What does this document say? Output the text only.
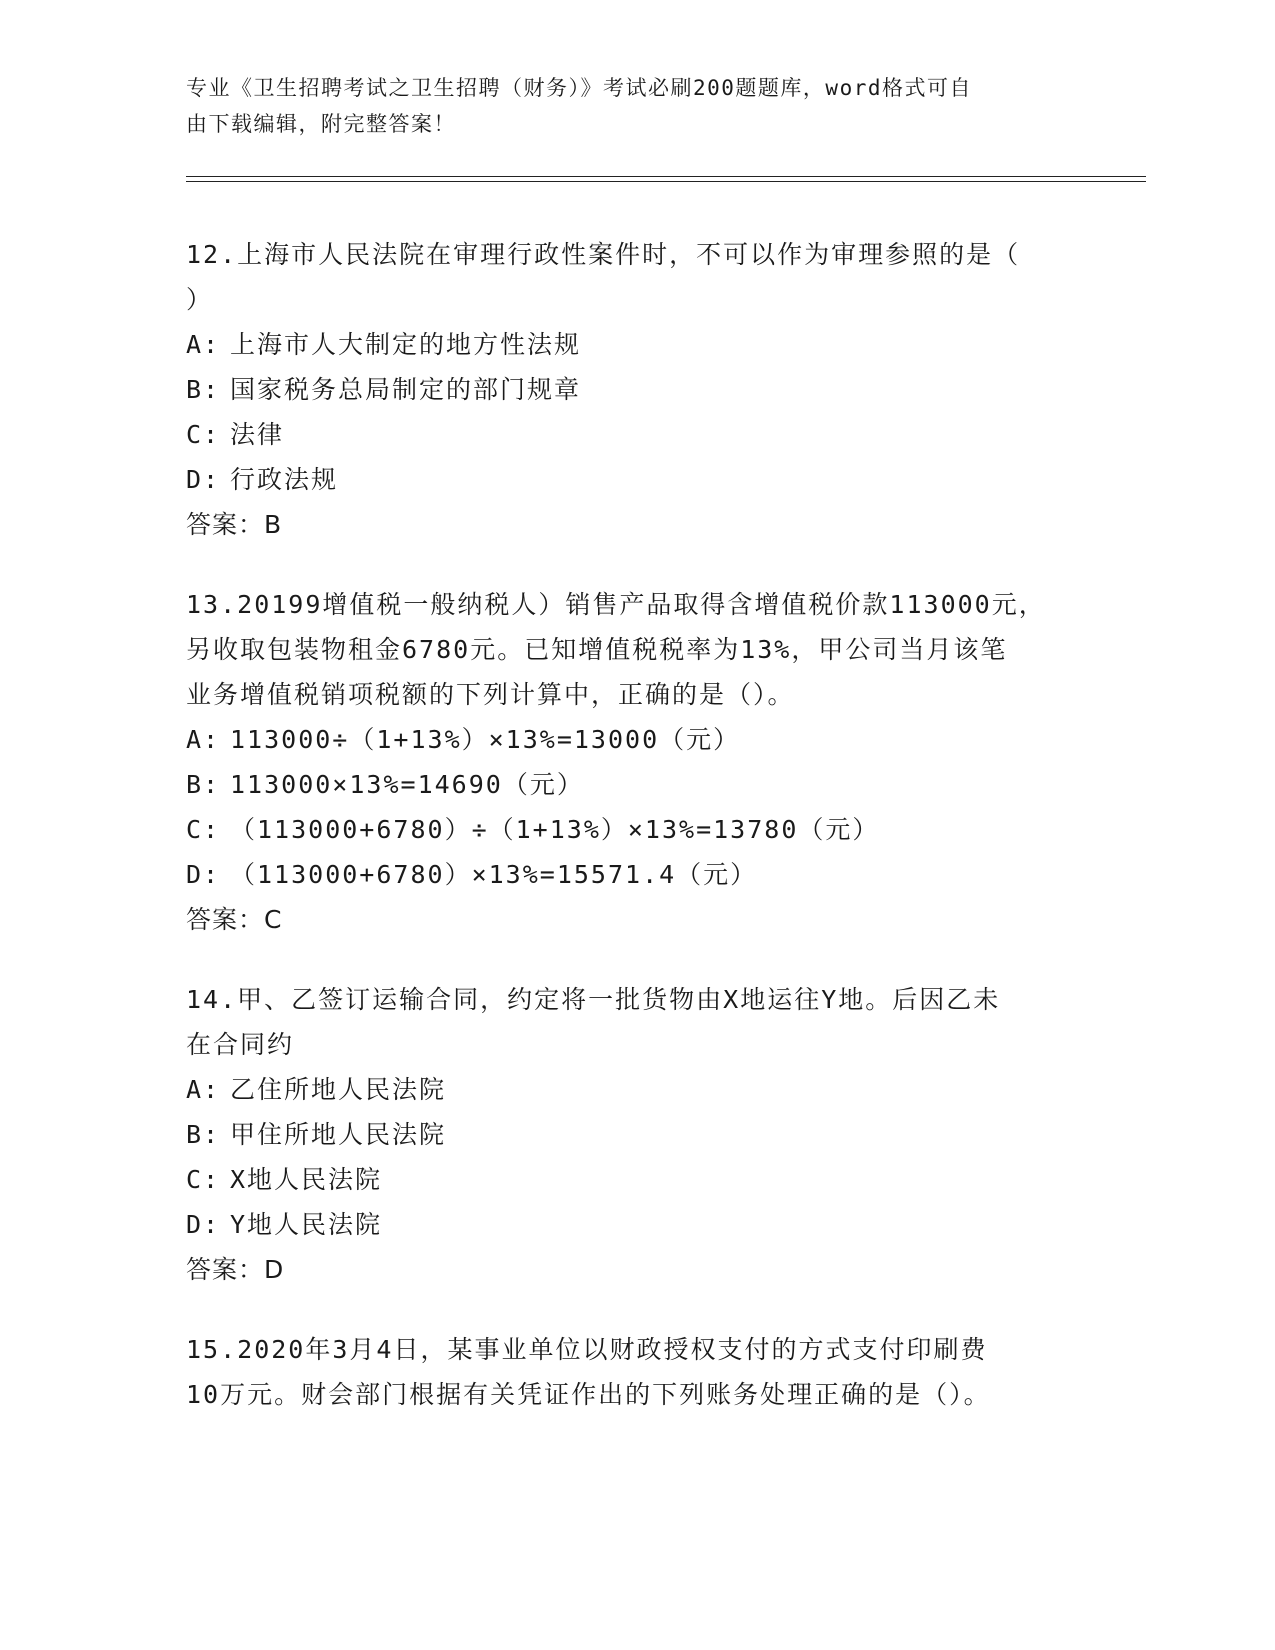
专业《卫生招聘考试之卫生招聘（财务）》考试必刷200题题库，word格式可自
由下载编辑，附完整答案！
12.上海市人民法院在审理行政性案件时，不可以作为审理参照的是（
）
A: 上海市人大制定的地方性法规
B: 国家税务总局制定的部门规章
C: 法律
D: 行政法规
答案：B
13.20199增值税一般纳税人）销售产品取得含增值税价款113000元，
另收取包装物租金6780元。已知增值税税率为13%，甲公司当月该笔
业务增值税销项税额的下列计算中，正确的是（）。
A: 113000÷（1+13%）×13%=13000（元）
B: 113000×13%=14690（元）
C: （113000+6780）÷（1+13%）×13%=13780（元）
D: （113000+6780）×13%=15571.4（元）
答案：C
14.甲、乙签订运输合同，约定将一批货物由X地运往Y地。后因乙未
在合同约
A: 乙住所地人民法院
B: 甲住所地人民法院
C: X地人民法院
D: Y地人民法院
答案：D
15.2020年3月4日，某事业单位以财政授权支付的方式支付印刷费
10万元。财会部门根据有关凭证作出的下列账务处理正确的是（）。
